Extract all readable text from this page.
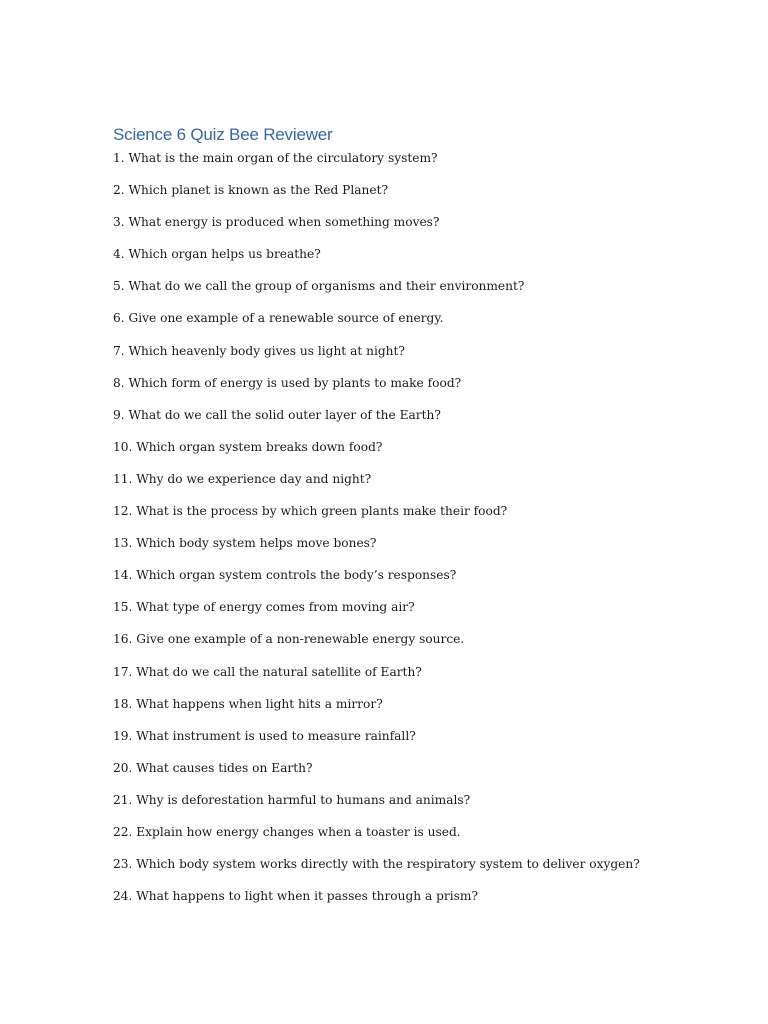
Science 6 Quiz Bee Reviewer
1. What is the main organ of the circulatory system?
2. Which planet is known as the Red Planet?
3. What energy is produced when something moves?
4. Which organ helps us breathe?
5. What do we call the group of organisms and their environment?
6. Give one example of a renewable source of energy.
7. Which heavenly body gives us light at night?
8. Which form of energy is used by plants to make food?
9. What do we call the solid outer layer of the Earth?
10. Which organ system breaks down food?
11. Why do we experience day and night?
12. What is the process by which green plants make their food?
13. Which body system helps move bones?
14. Which organ system controls the body’s responses?
15. What type of energy comes from moving air?
16. Give one example of a non-renewable energy source.
17. What do we call the natural satellite of Earth?
18. What happens when light hits a mirror?
19. What instrument is used to measure rainfall?
20. What causes tides on Earth?
21. Why is deforestation harmful to humans and animals?
22. Explain how energy changes when a toaster is used.
23. Which body system works directly with the respiratory system to deliver oxygen?
24. What happens to light when it passes through a prism?
